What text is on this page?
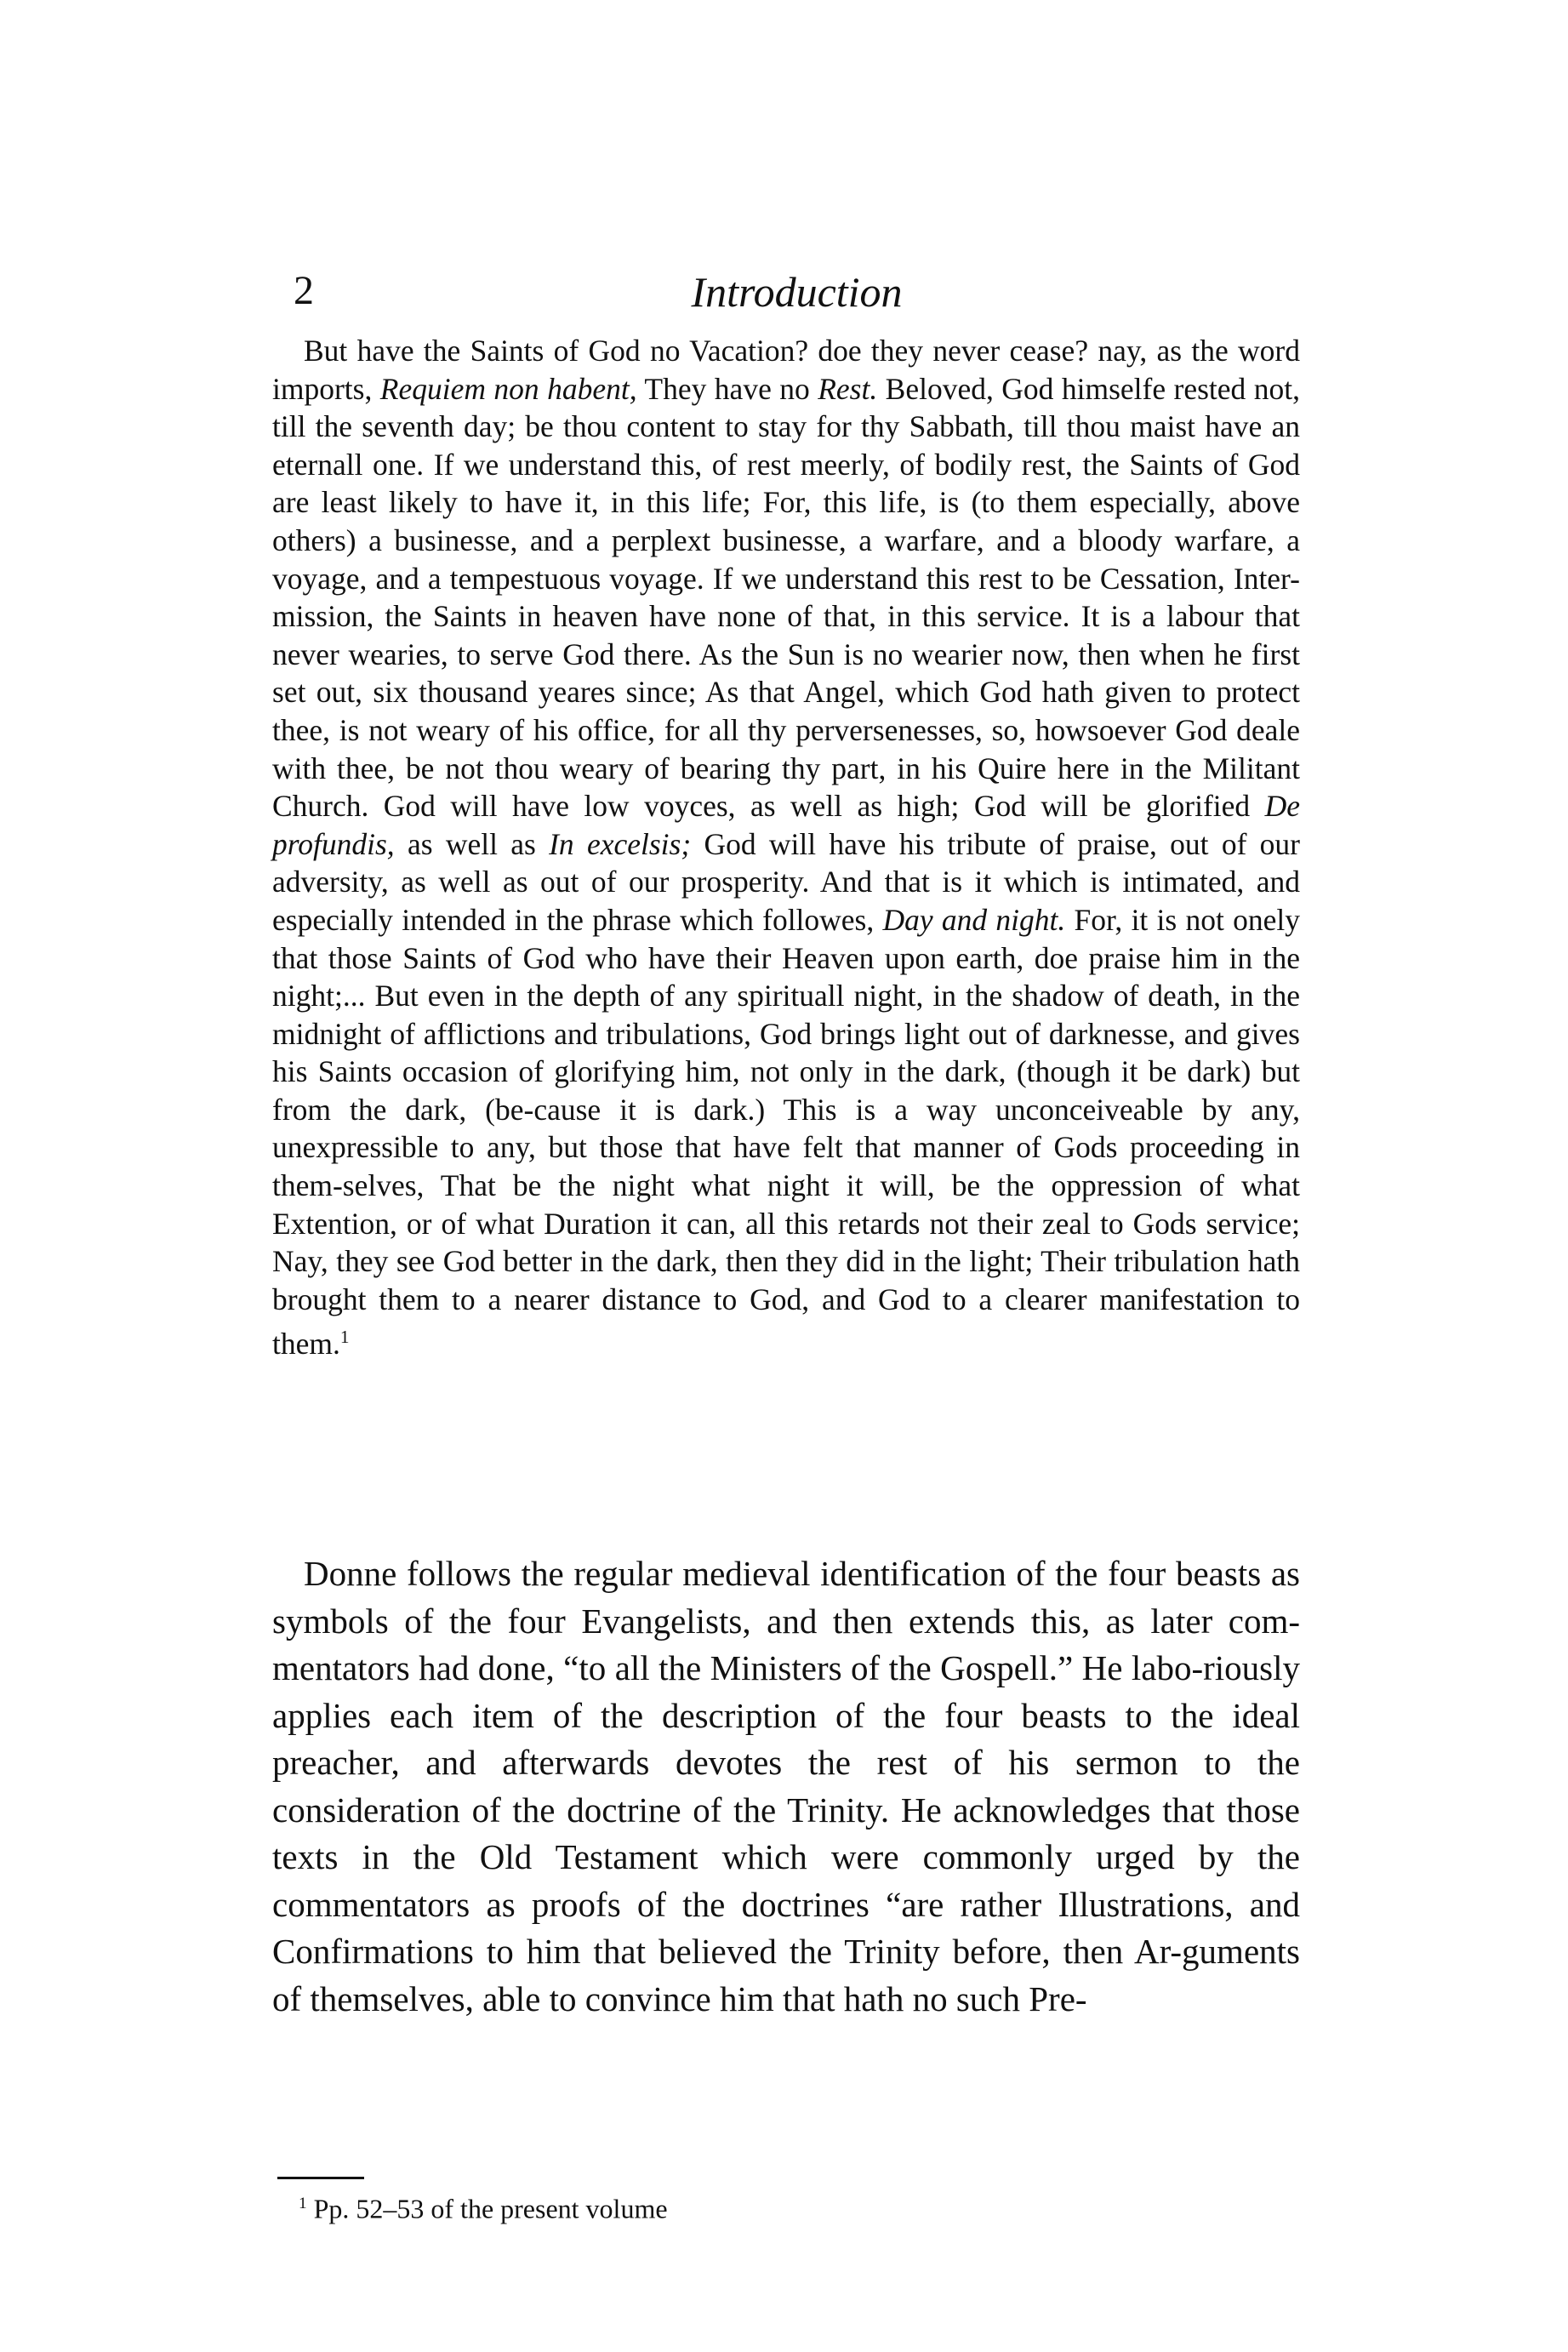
2	Introduction

But have the Saints of God no Vacation? doe they never cease? nay, as the word imports, Requiem non habent, They have no Rest. Beloved, God himselfe rested not, till the seventh day; be thou content to stay for thy Sabbath, till thou maist have an eternall one. If we understand this, of rest meerly, of bodily rest, the Saints of God are least likely to have it, in this life; For, this life, is (to them especially, above others) a businesse, and a perplext businesse, a warfare, and a bloody warfare, a voyage, and a tempestuous voyage. If we understand this rest to be Cessation, Inter-mission, the Saints in heaven have none of that, in this service. It is a labour that never wearies, to serve God there. As the Sun is no wearier now, then when he first set out, six thousand yeares since; As that Angel, which God hath given to protect thee, is not weary of his office, for all thy perversenesses, so, howsoever God deale with thee, be not thou weary of bearing thy part, in his Quire here in the Militant Church. God will have low voyces, as well as high; God will be glorified De profundis, as well as In excelsis; God will have his tribute of praise, out of our adversity, as well as out of our prosperity. And that is it which is intimated, and especially intended in the phrase which followes, Day and night. For, it is not onely that those Saints of God who have their Heaven upon earth, doe praise him in the night;... But even in the depth of any spirituall night, in the shadow of death, in the midnight of afflictions and tribulations, God brings light out of darknesse, and gives his Saints occasion of glorifying him, not only in the dark, (though it be dark) but from the dark, (be-cause it is dark.) This is a way unconceiveable by any, unexpressible to any, but those that have felt that manner of Gods proceeding in them-selves, That be the night what night it will, be the oppression of what Extention, or of what Duration it can, all this retards not their zeal to Gods service; Nay, they see God better in the dark, then they did in the light; Their tribulation hath brought them to a nearer distance to God, and God to a clearer manifestation to them.$^1$

Donne follows the regular medieval identification of the four beasts as symbols of the four Evangelists, and then extends this, as later com-mentators had done, “to all the Ministers of the Gospell.” He labo-riously applies each item of the description of the four beasts to the ideal preacher, and afterwards devotes the rest of his sermon to the consideration of the doctrine of the Trinity. He acknowledges that those texts in the Old Testament which were commonly urged by the commentators as proofs of the doctrines “are rather Illustrations, and Confirmations to him that believed the Trinity before, then Ar-guments of themselves, able to convince him that hath no such Pre-

$^1$ Pp. 52–53 of the present volume
